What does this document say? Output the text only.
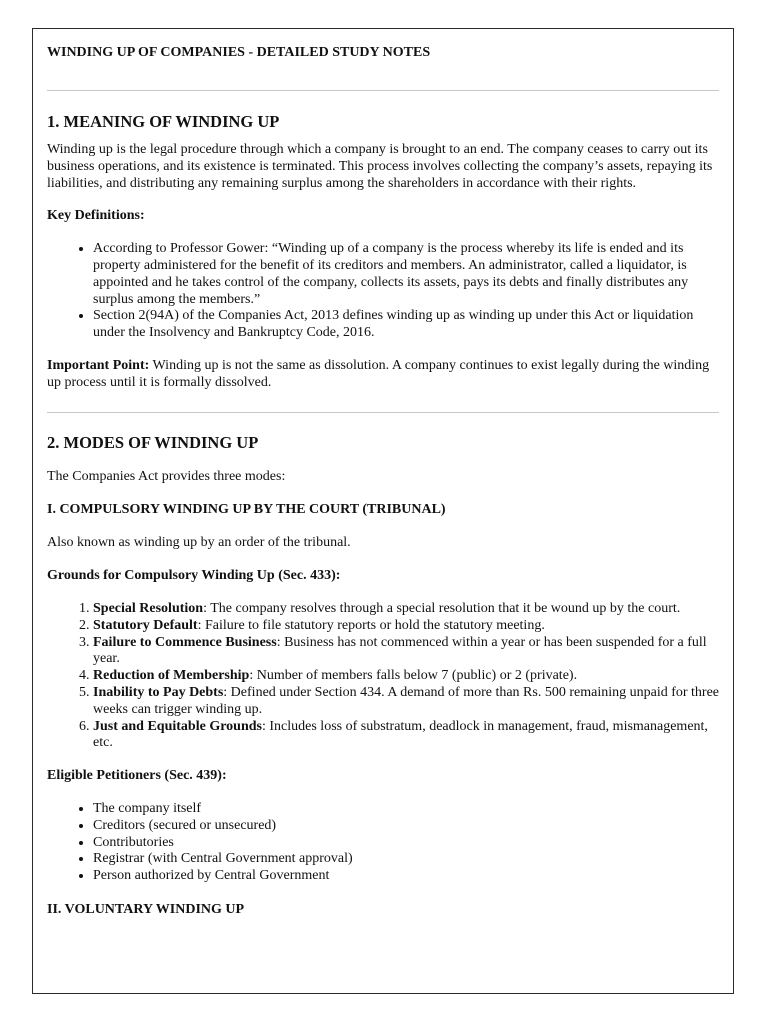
WINDING UP OF COMPANIES - DETAILED STUDY NOTES
1. MEANING OF WINDING UP

Winding up is the legal procedure through which a company is brought to an end. The company ceases to carry out its business operations, and its existence is terminated. This process involves collecting the company’s assets, repaying its liabilities, and distributing any remaining surplus among the shareholders in accordance with their rights.

Key Definitions:

• According to Professor Gower: “Winding up of a company is the process whereby its life is ended and its property administered for the benefit of its creditors and members. An administrator, called a liquidator, is appointed and he takes control of the company, collects its assets, pays its debts and finally distributes any surplus among the members.”
• Section 2(94A) of the Companies Act, 2013 defines winding up as winding up under this Act or liquidation under the Insolvency and Bankruptcy Code, 2016.

Important Point: Winding up is not the same as dissolution. A company continues to exist legally during the winding up process until it is formally dissolved.

2. MODES OF WINDING UP

The Companies Act provides three modes:

I. COMPULSORY WINDING UP BY THE COURT (TRIBUNAL)

Also known as winding up by an order of the tribunal.

Grounds for Compulsory Winding Up (Sec. 433):

1. Special Resolution: The company resolves through a special resolution that it be wound up by the court.
2. Statutory Default: Failure to file statutory reports or hold the statutory meeting.
3. Failure to Commence Business: Business has not commenced within a year or has been suspended for a full year.
4. Reduction of Membership: Number of members falls below 7 (public) or 2 (private).
5. Inability to Pay Debts: Defined under Section 434. A demand of more than Rs. 500 remaining unpaid for three weeks can trigger winding up.
6. Just and Equitable Grounds: Includes loss of substratum, deadlock in management, fraud, mismanagement, etc.

Eligible Petitioners (Sec. 439):

• The company itself
• Creditors (secured or unsecured)
• Contributories
• Registrar (with Central Government approval)
• Person authorized by Central Government
II. VOLUNTARY WINDING UP
